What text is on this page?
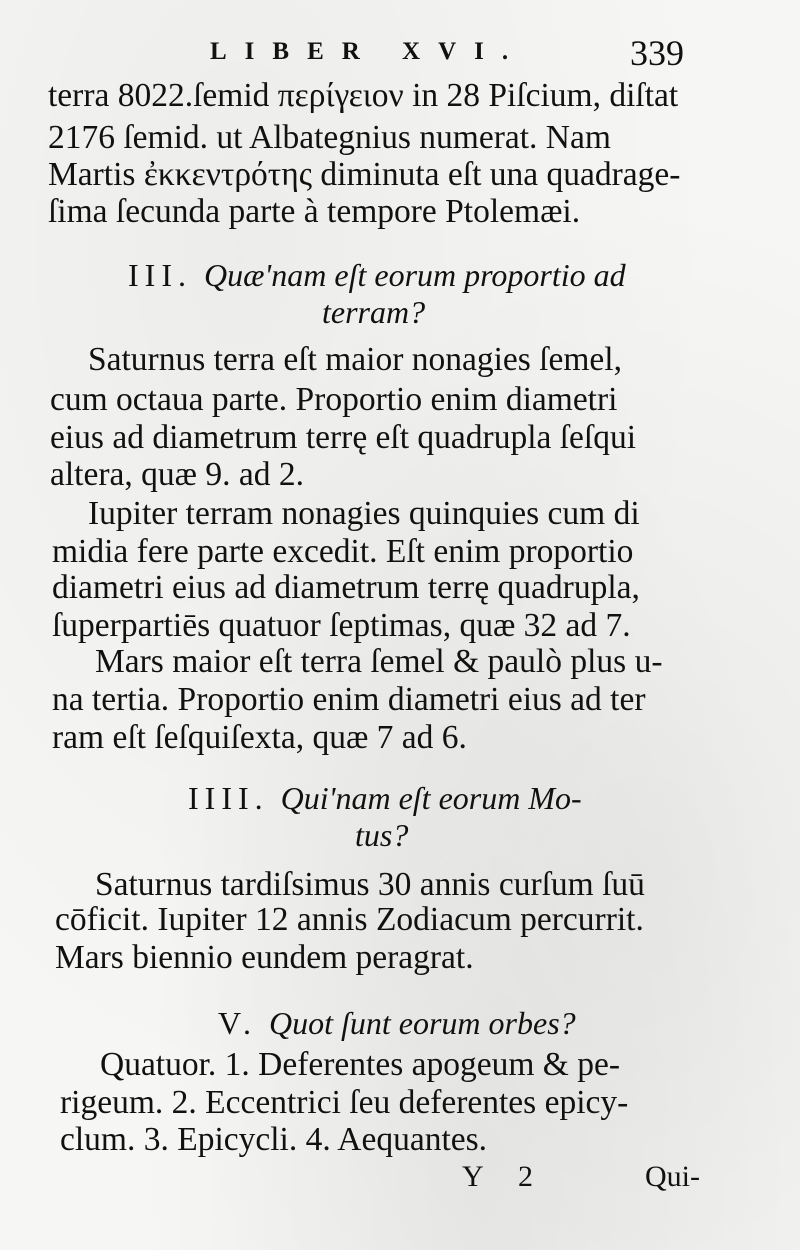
LIBER XVI.	339
terra 8022.ſemid περίγειον in 28 Piſcium, diſtat
2176 ſemid. ut Albategnius numerat. Nam
Martis ἐκκεντρότης diminuta eſt una quadrage-
ſima ſecunda parte à tempore Ptolemæi.
III. Quæ'nam eſt eorum proportio ad
terram?
Saturnus terra eſt maior nonagies ſemel,
cum octaua parte. Proportio enim diametri
eius ad diametrum terrę eſt quadrupla ſeſqui
altera, quæ 9. ad 2.
Iupiter terram nonagies quinquies cum di
midia fere parte excedit. Eſt enim proportio
diametri eius ad diametrum terrę quadrupla,
ſuperpartiēs quatuor ſeptimas, quæ 32 ad 7.
Mars maior eſt terra ſemel & paulò plus u-
na tertia. Proportio enim diametri eius ad ter
ram eſt ſeſquiſexta, quæ 7 ad 6.
IIII. Qui'nam eſt eorum Mo-
tus?
Saturnus tardiſsimus 30 annis curſum ſuū
cōficit. Iupiter 12 annis Zodiacum percurrit.
Mars biennio eundem peragrat.
V. Quot ſunt eorum orbes?
Quatuor. 1. Deferentes apogeum & pe-
rigeum. 2. Eccentrici ſeu deferentes epicy-
clum. 3. Epicycli. 4. Aequantes.
Y 2	Qui-
